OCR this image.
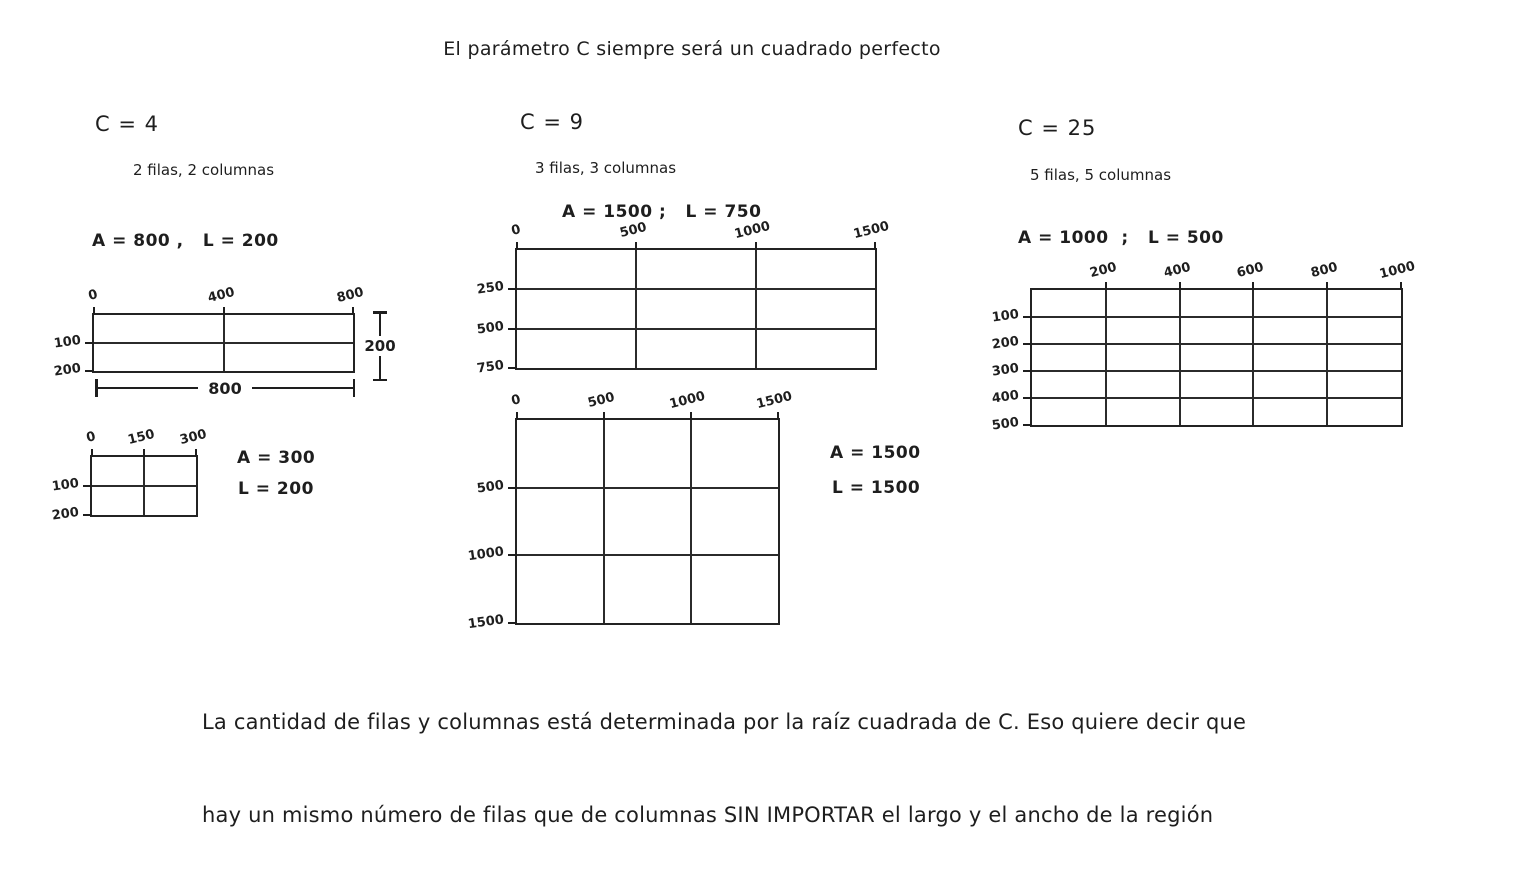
El parámetro C siempre será un cuadrado perfecto
C = 4
2 filas, 2 columnas
A = 800 ,   L = 200
0	400	800
100
200
200
800
0 150 300
100
200
A = 300
L = 200
C = 9
3 filas, 3 columnas
A = 1500 ;   L = 750
0	500	1000	1500
250
500
750
0	500	1000	1500
500
1000
1500
A = 1500
L = 1500
C = 25
5 filas, 5 columnas
A = 1000  ;   L = 500
200	400	600	800	1000
100
200
300
400
500

La cantidad de filas y columnas está determinada por la raíz cuadrada de C. Eso quiere decir que

hay un mismo número de filas que de columnas SIN IMPORTAR el largo y el ancho de la región
